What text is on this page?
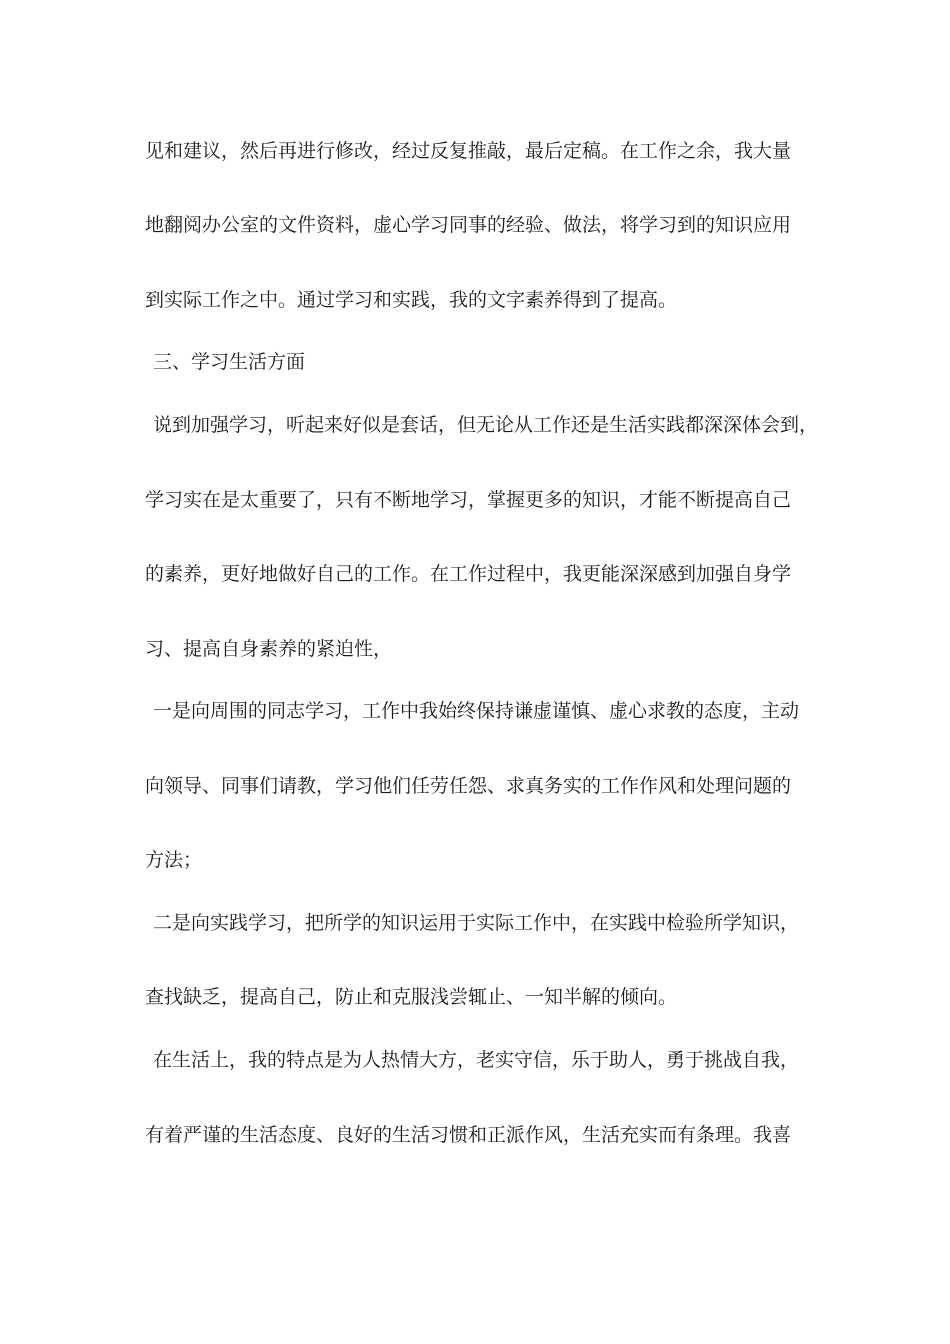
见和建议，然后再进行修改，经过反复推敲，最后定稿。在工作之余，我大量
地翻阅办公室的文件资料，虚心学习同事的经验、做法，将学习到的知识应用
到实际工作之中。通过学习和实践，我的文字素养得到了提高。
三、学习生活方面
说到加强学习，听起来好似是套话，但无论从工作还是生活实践都深深体会到，
学习实在是太重要了，只有不断地学习，掌握更多的知识，才能不断提高自己
的素养，更好地做好自己的工作。在工作过程中，我更能深深感到加强自身学
习、提高自身素养的紧迫性，
一是向周围的同志学习，工作中我始终保持谦虚谨慎、虚心求教的态度，主动
向领导、同事们请教，学习他们任劳任怨、求真务实的工作作风和处理问题的
方法；
二是向实践学习，把所学的知识运用于实际工作中，在实践中检验所学知识，
查找缺乏，提高自己，防止和克服浅尝辄止、一知半解的倾向。
在生活上，我的特点是为人热情大方，老实守信，乐于助人，勇于挑战自我，
有着严谨的生活态度、良好的生活习惯和正派作风，生活充实而有条理。我喜
